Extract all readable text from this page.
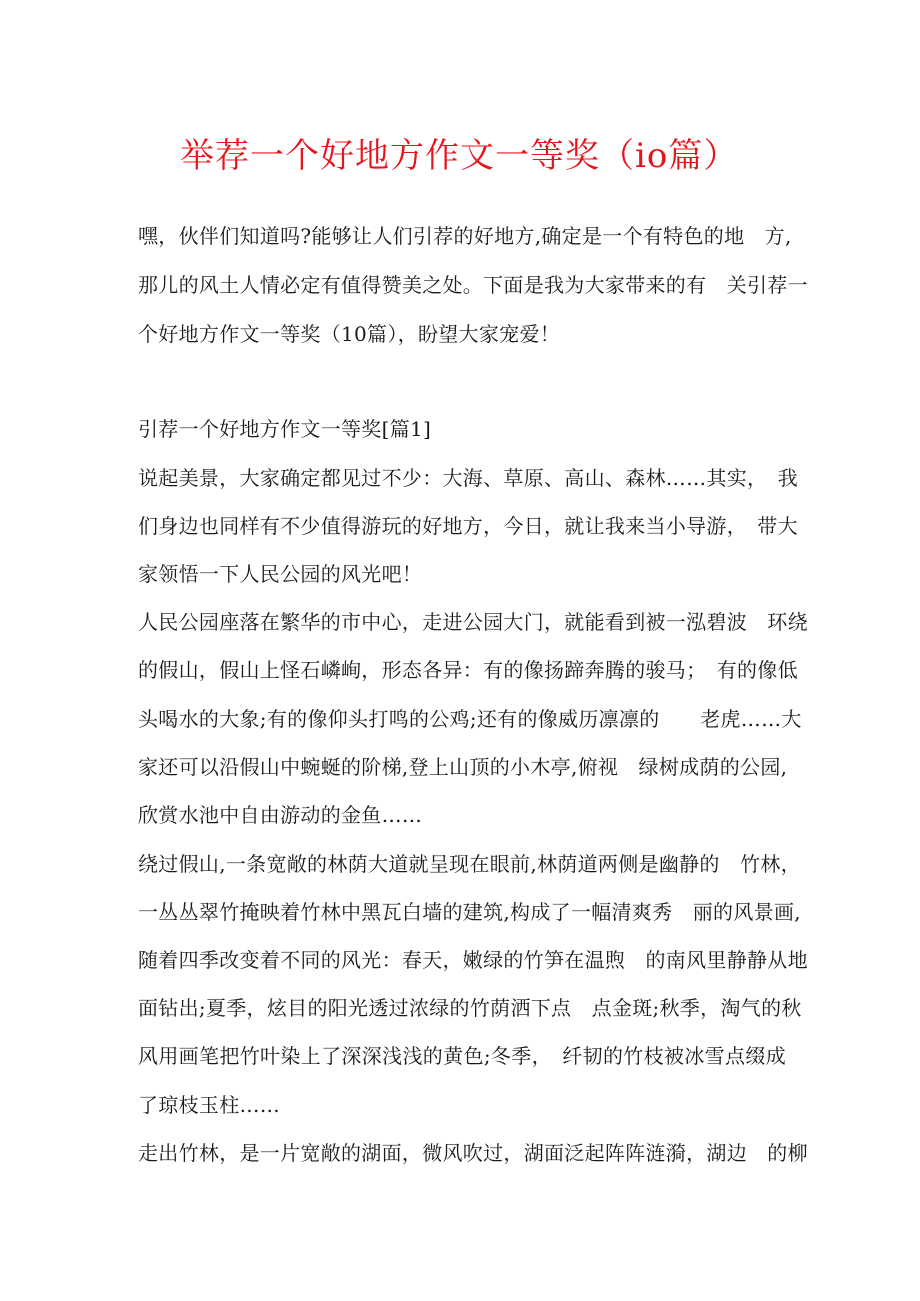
举荐一个好地方作文一等奖（io篇）

嘿，伙伴们知道吗?能够让人们引荐的好地方,确定是一个有特色的地　方,

那儿的风土人情必定有值得赞美之处。下面是我为大家带来的有　关引荐一

个好地方作文一等奖（10篇），盼望大家宠爱！

引荐一个好地方作文一等奖[篇1]

说起美景，大家确定都见过不少：大海、草原、高山、森林……其实，　我

们身边也同样有不少值得游玩的好地方，今日，就让我来当小导游，　带大

家领悟一下人民公园的风光吧！

人民公园座落在繁华的市中心，走进公园大门，就能看到被一泓碧波　环绕

的假山，假山上怪石嶙峋，形态各异：有的像扬蹄奔腾的骏马；　有的像低

头喝水的大象;有的像仰头打鸣的公鸡;还有的像威历凛凛的　　老虎……大

家还可以沿假山中蜿蜒的阶梯,登上山顶的小木亭,俯视　绿树成荫的公园,

欣赏水池中自由游动的金鱼……

绕过假山,一条宽敞的林荫大道就呈现在眼前,林荫道两侧是幽静的　竹林，

一丛丛翠竹掩映着竹林中黑瓦白墙的建筑,构成了一幅清爽秀　丽的风景画,

随着四季改变着不同的风光：春天，嫩绿的竹笋在温煦　的南风里静静从地

面钻出;夏季，炫目的阳光透过浓绿的竹荫洒下点　点金斑;秋季，淘气的秋

风用画笔把竹叶染上了深深浅浅的黄色;冬季，　纤韧的竹枝被冰雪点缀成

了琼枝玉柱……

走出竹林，是一片宽敞的湖面，微风吹过，湖面泛起阵阵涟漪，湖边　的柳
